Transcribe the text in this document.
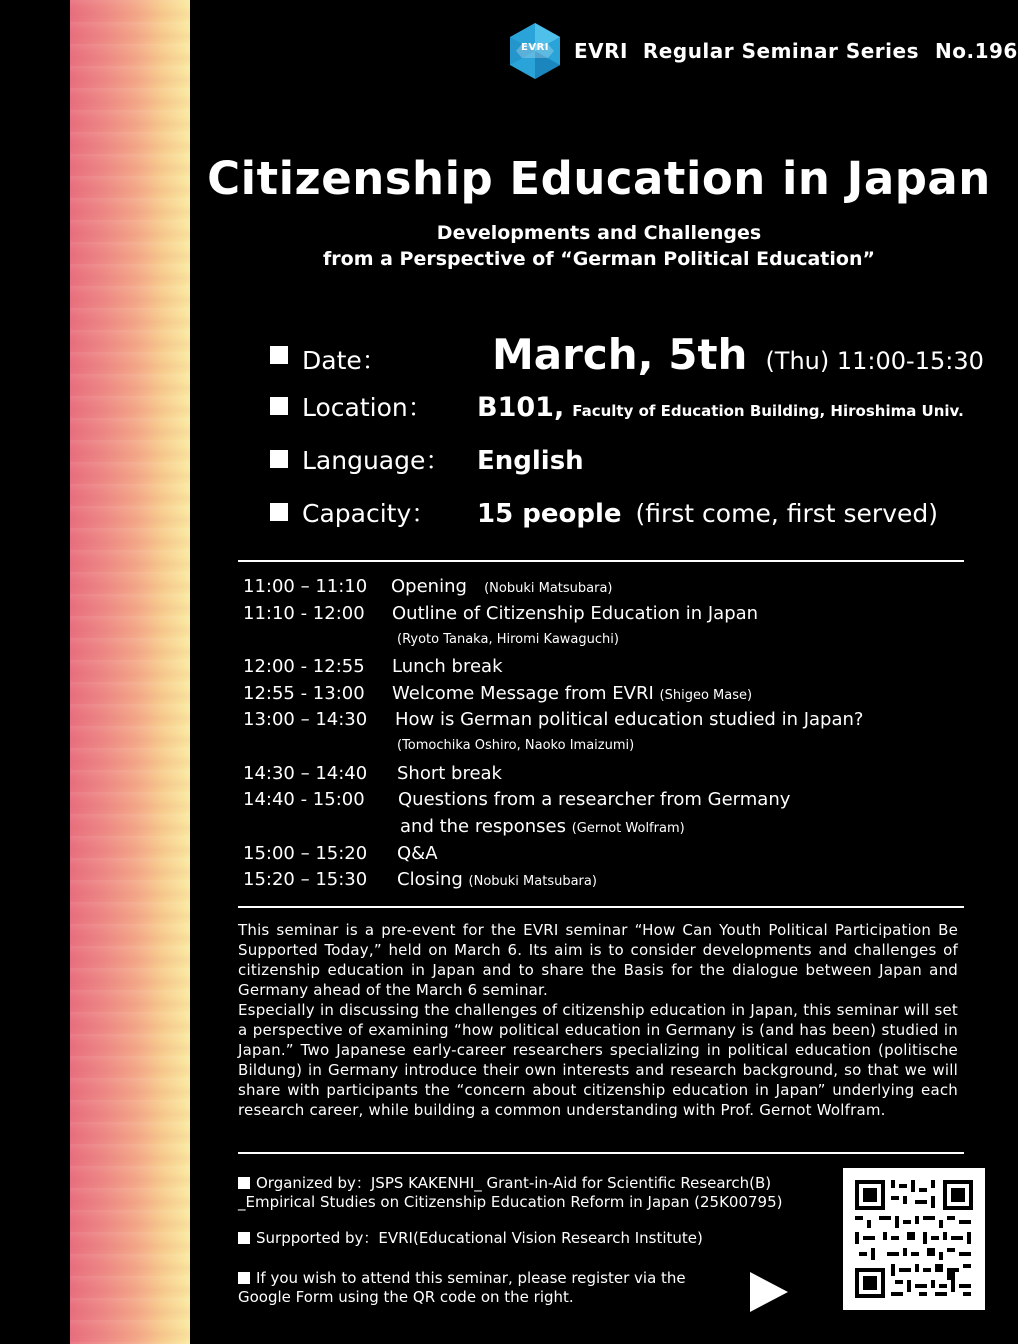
EVRI	EVRI  Regular Seminar Series No.196
Citizenship Education in Japan
Developments and Challenges
from a Perspective of “German Political Education”
Date：	March, 5th (Thu) 11:00-15:30
Location：	B101, Faculty of Education Building, Hiroshima Univ.
Language：	English
Capacity：	15 people (first come, first served)
11:00 – 11:10 Opening (Nobuki Matsubara)
11:10 - 12:00 Outline of Citizenship Education in Japan
(Ryoto Tanaka, Hiromi Kawaguchi)
12:00 - 12:55 Lunch break
12:55 - 13:00 Welcome Message from EVRI (Shigeo Mase)
13:00 – 14:30 How is German political education studied in Japan?
(Tomochika Oshiro, Naoko Imaizumi)
14:30 – 14:40 Short break
14:40 - 15:00 Questions from a researcher from Germany
and the responses (Gernot Wolfram)
15:00 – 15:20 Q&A
15:20 – 15:30 Closing (Nobuki Matsubara)

This seminar is a pre-event for the EVRI seminar “How Can Youth Political Participation Be Supported Today,” held on March 6. Its aim is to consider developments and challenges of citizenship education in Japan and to share the Basis for the dialogue between Japan and Germany ahead of the March 6 seminar.

Especially in discussing the challenges of citizenship education in Japan, this seminar will set a perspective of examining “how political education in Germany is (and has been) studied in Japan.” Two Japanese early-career researchers specializing in political education (politische Bildung) in Germany introduce their own interests and research background, so that we will share with participants the “concern about citizenship education in Japan” underlying each research career, while building a common understanding with Prof. Gernot Wolfram.

Organized by：JSPS KAKENHI_ Grant-in-Aid for Scientific Research(B)
_Empirical Studies on Citizenship Education Reform in Japan (25K00795)
Surpported by：EVRI(Educational Vision Research Institute)
If you wish to attend this seminar, please register via the
Google Form using the QR code on the right.
